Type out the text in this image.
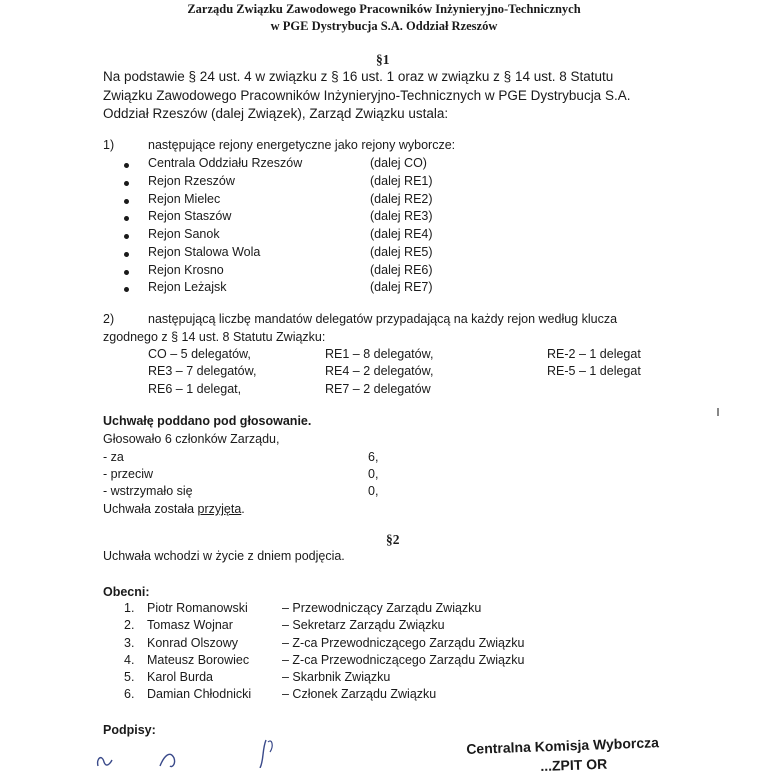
Zarządu Związku Zawodowego Pracowników Inżynieryjno-Technicznych
w PGE Dystrybucja S.A. Oddział Rzeszów
§1
Na podstawie § 24 ust. 4 w związku z § 16 ust. 1 oraz w związku z § 14 ust. 8 Statutu Związku Zawodowego Pracowników Inżynieryjno-Technicznych w PGE Dystrybucja S.A. Oddział Rzeszów (dalej Związek), Zarząd Związku ustala:
1)	następujące rejony energetyczne jako rejony wyborcze:
Centrala Oddziału Rzeszów	(dalej CO)
Rejon Rzeszów	(dalej RE1)
Rejon Mielec	(dalej RE2)
Rejon Staszów	(dalej RE3)
Rejon Sanok	(dalej RE4)
Rejon Stalowa Wola	(dalej RE5)
Rejon Krosno	(dalej RE6)
Rejon Leżajsk	(dalej RE7)
2)	następującą liczbę mandatów delegatów przypadającą na każdy rejon według klucza
zgodnego z § 14 ust. 8 Statutu Związku:
CO – 5 delegatów,	RE1 – 8 delegatów,	RE-2 – 1 delegat
RE3 – 7 delegatów,	RE4 – 2 delegatów,	RE-5 – 1 delegat
RE6 – 1 delegat,	RE7 – 2 delegatów
Uchwałę poddano pod głosowanie.
Głosowało 6 członków Zarządu,
- za	6,
- przeciw	0,
- wstrzymało się	0,
Uchwała została przyjęta.
§2
Uchwała wchodzi w życie z dniem podjęcia.
Obecni:
1. Piotr Romanowski	– Przewodniczący Zarządu Związku
2. Tomasz Wojnar	– Sekretarz Zarządu Związku
3. Konrad Olszowy	– Z-ca Przewodniczącego Zarządu Związku
4. Mateusz Borowiec	– Z-ca Przewodniczącego Zarządu Związku
5. Karol Burda	– Skarbnik Związku
6. Damian Chłodnicki – Członek Zarządu Związku
Podpisy:
Centralna Komisja Wyborcza
...ZPIT OR
